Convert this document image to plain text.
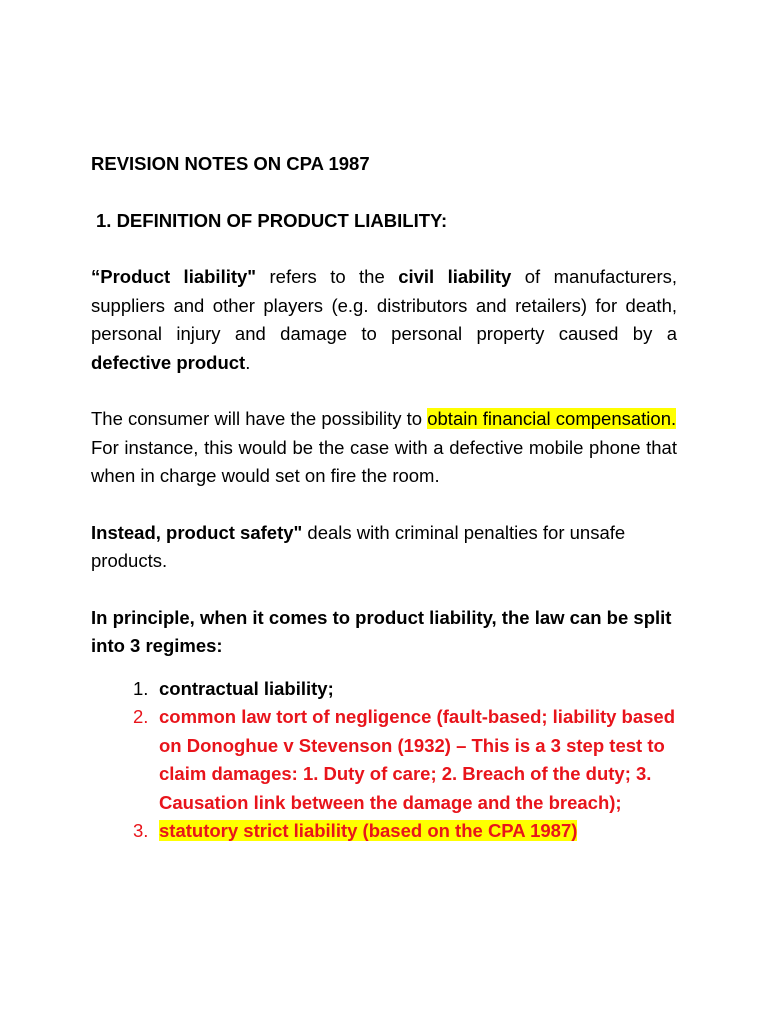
REVISION NOTES ON CPA 1987

1. DEFINITION OF PRODUCT LIABILITY:

“Product liability" refers to the civil liability of manufacturers, suppliers and other players (e.g. distributors and retailers) for death, personal injury and damage to personal property caused by a defective product.

The consumer will have the possibility to obtain financial compensation.

For instance, this would be the case with a defective mobile phone that when in charge would set on fire the room.

Instead, product safety" deals with criminal penalties for unsafe products.

In principle, when it comes to product liability, the law can be split into 3 regimes:

1. contractual liability;
2. common law tort of negligence (fault-based; liability based on Donoghue v Stevenson (1932) – This is a 3 step test to claim damages: 1. Duty of care; 2. Breach of the duty; 3. Causation link between the damage and the breach);
3. statutory strict liability (based on the CPA 1987)
